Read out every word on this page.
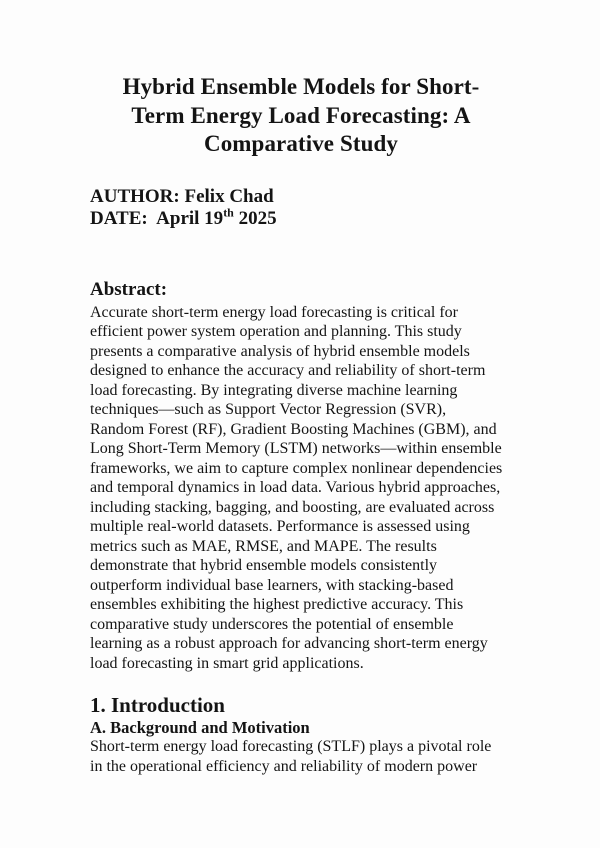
Hybrid Ensemble Models for Short-Term Energy Load Forecasting: A Comparative Study

AUTHOR: Felix Chad

DATE:  April 19th 2025

Abstract:

Accurate short-term energy load forecasting is critical for efficient power system operation and planning. This study presents a comparative analysis of hybrid ensemble models designed to enhance the accuracy and reliability of short-term load forecasting. By integrating diverse machine learning techniques—such as Support Vector Regression (SVR), Random Forest (RF), Gradient Boosting Machines (GBM), and Long Short-Term Memory (LSTM) networks—within ensemble frameworks, we aim to capture complex nonlinear dependencies and temporal dynamics in load data. Various hybrid approaches, including stacking, bagging, and boosting, are evaluated across multiple real-world datasets. Performance is assessed using metrics such as MAE, RMSE, and MAPE. The results demonstrate that hybrid ensemble models consistently outperform individual base learners, with stacking-based ensembles exhibiting the highest predictive accuracy. This comparative study underscores the potential of ensemble learning as a robust approach for advancing short-term energy load forecasting in smart grid applications.

1. Introduction
A. Background and Motivation

Short-term energy load forecasting (STLF) plays a pivotal role in the operational efficiency and reliability of modern power
